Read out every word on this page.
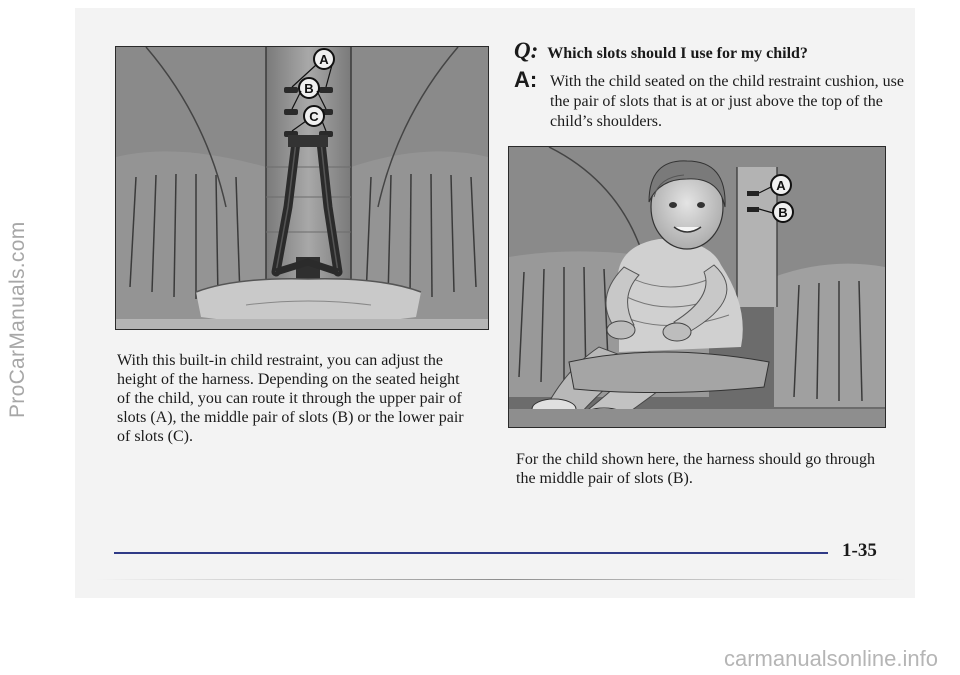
ProCarManuals.com
A
B
C

With this built-in child restraint, you can adjust the height of the harness. Depending on the seated height of the child, you can route it through the upper pair of slots (A), the middle pair of slots (B) or the lower pair of slots (C).

Q: Which slots should I use for my child?
A: With the child seated on the child restraint cushion, use the pair of slots that is at or just above the top of the child’s shoulders.
A
B

For the child shown here, the harness should go through the middle pair of slots (B).

1-35
carmanualsonline.info
